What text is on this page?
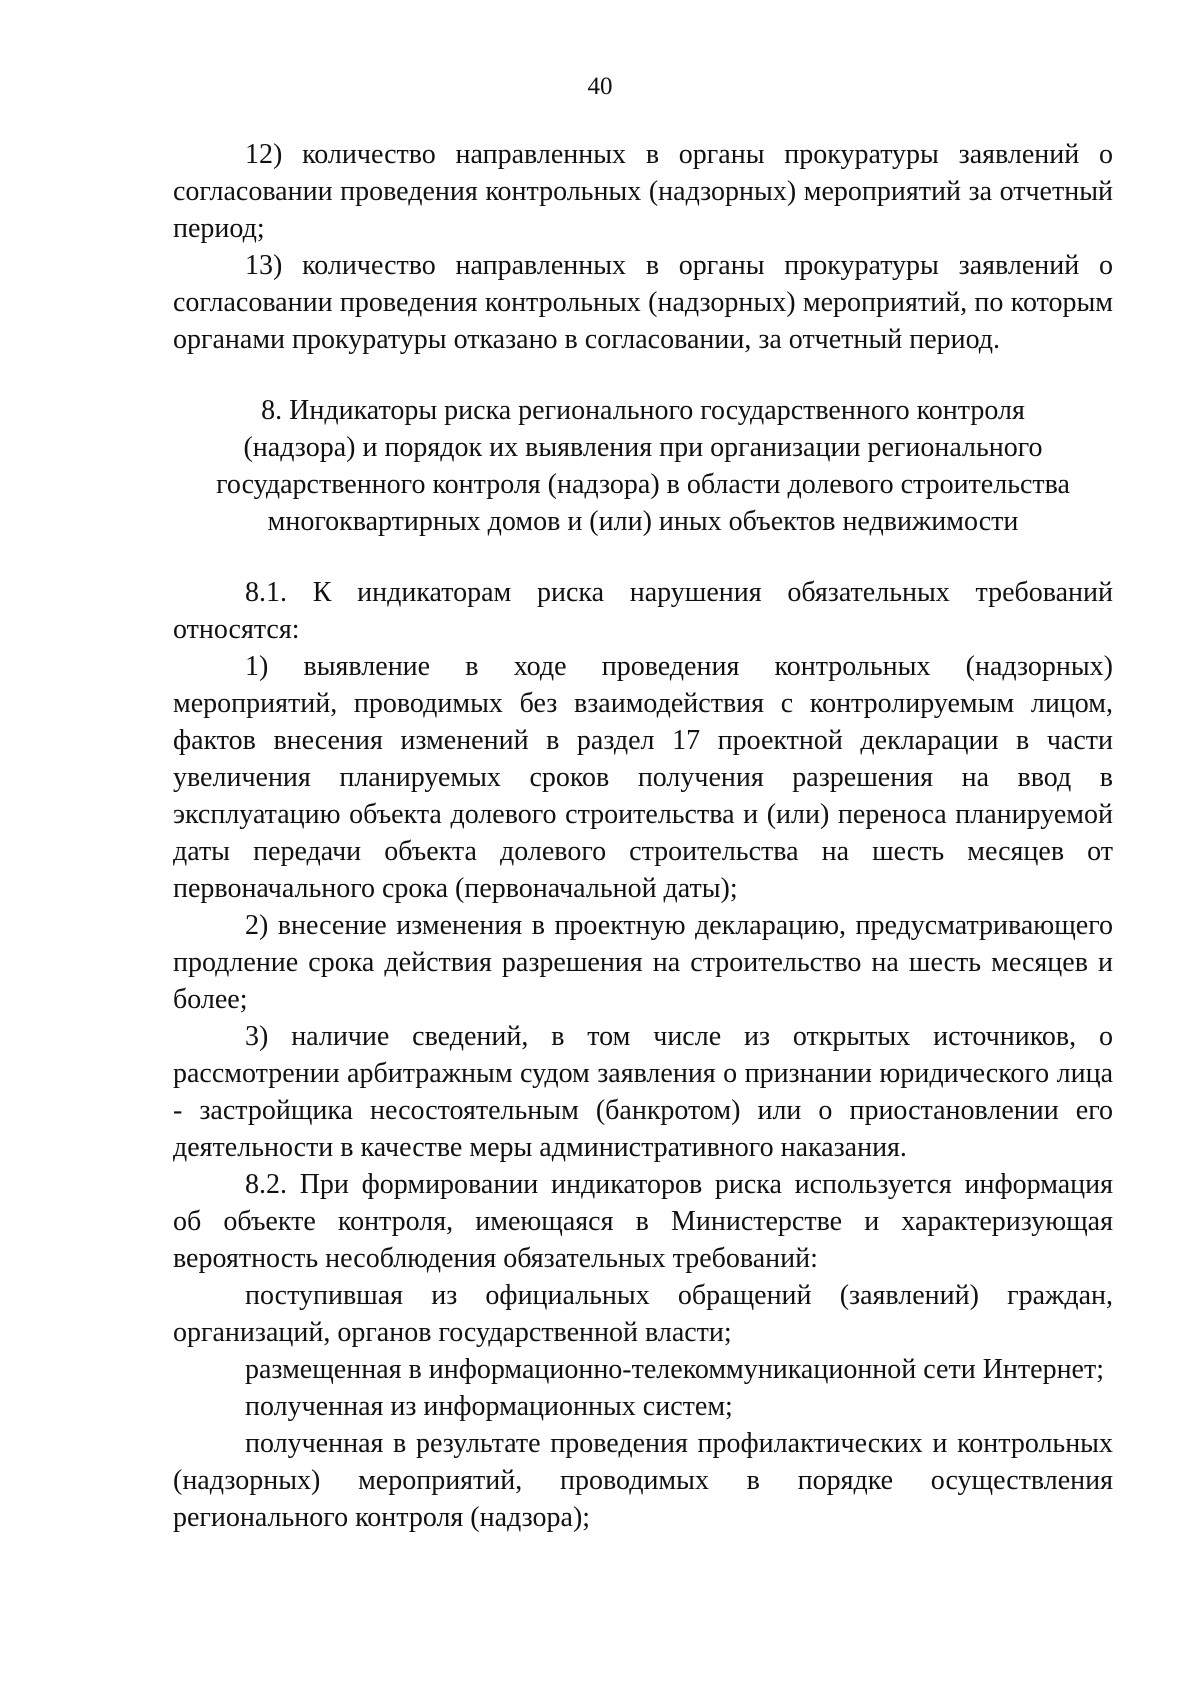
40

12) количество направленных в органы прокуратуры заявлений о согласовании проведения контрольных (надзорных) мероприятий за отчетный период;

13) количество направленных в органы прокуратуры заявлений о согласовании проведения контрольных (надзорных) мероприятий, по которым органами прокуратуры отказано в согласовании, за отчетный период.

8. Индикаторы риска регионального государственного контроля (надзора) и порядок их выявления при организации регионального государственного контроля (надзора) в области долевого строительства многоквартирных домов и (или) иных объектов недвижимости

8.1. К индикаторам риска нарушения обязательных требований относятся:

1) выявление в ходе проведения контрольных (надзорных) мероприятий, проводимых без взаимодействия с контролируемым лицом, фактов внесения изменений в раздел 17 проектной декларации в части увеличения планируемых сроков получения разрешения на ввод в эксплуатацию объекта долевого строительства и (или) переноса планируемой даты передачи объекта долевого строительства на шесть месяцев от первоначального срока (первоначальной даты);

2) внесение изменения в проектную декларацию, предусматривающего продление срока действия разрешения на строительство на шесть месяцев и более;

3) наличие сведений, в том числе из открытых источников, о рассмотрении арбитражным судом заявления о признании юридического лица - застройщика несостоятельным (банкротом) или о приостановлении его деятельности в качестве меры административного наказания.

8.2. При формировании индикаторов риска используется информация об объекте контроля, имеющаяся в Министерстве и характеризующая вероятность несоблюдения обязательных требований:

поступившая из официальных обращений (заявлений) граждан, организаций, органов государственной власти;

размещенная в информационно-телекоммуникационной сети Интернет;

полученная из информационных систем;

полученная в результате проведения профилактических и контрольных (надзорных) мероприятий, проводимых в порядке осуществления регионального контроля (надзора);
